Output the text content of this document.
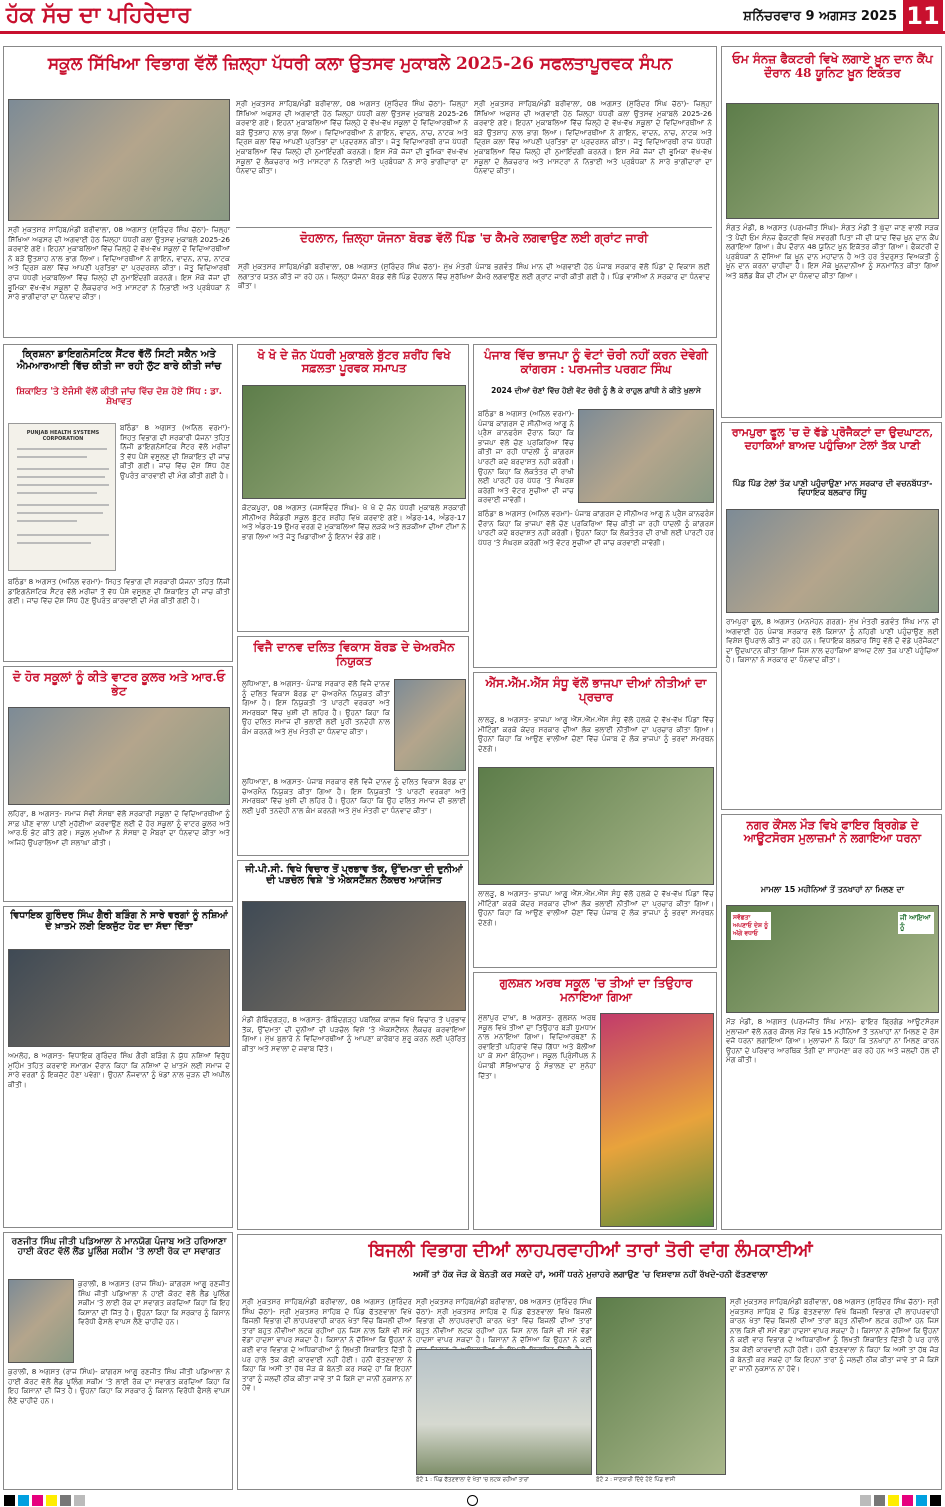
ਹੱਕ ਸੱਚ ਦਾ ਪਹਿਰੇਦਾਰ	ਸ਼ਨਿੱਚਰਵਾਰ 9 ਅਗਸਤ 2025 11
ਸਕੂਲ ਸਿੱਖਿਆ ਵਿਭਾਗ ਵੱਲੋਂ ਜ਼ਿਲ੍ਹਾ ਪੱਧਰੀ ਕਲਾ ਉਤਸਵ ਮੁਕਾਬਲੇ 2025-26 ਸਫਲਤਾਪੂਰਵਕ ਸੰਪਨ
ਸ੍ਰੀ ਮੁਕਤਸਰ ਸਾਹਿਬ/ਮੰਡੀ ਬਰੀਵਾਲਾ, 08 ਅਗਸਤ (ਸੁਰਿੰਦਰ ਸਿੰਘ ਚੱਠਾ)- ਜ਼ਿਲ੍ਹਾ ਸਿੱਖਿਆ ਅਫਸਰ ਦੀ ਅਗਵਾਈ ਹੇਠ ਜ਼ਿਲ੍ਹਾ ਪੱਧਰੀ ਕਲਾ ਉਤਸਵ ਮੁਕਾਬਲੇ 2025-26 ਕਰਵਾਏ ਗਏ। ਇਹਨਾਂ ਮੁਕਾਬਲਿਆਂ ਵਿੱਚ ਜ਼ਿਲ੍ਹੇ ਦੇ ਵੱਖ-ਵੱਖ ਸਕੂਲਾਂ ਦੇ ਵਿਦਿਆਰਥੀਆਂ ਨੇ ਬੜੇ ਉਤਸ਼ਾਹ ਨਾਲ ਭਾਗ ਲਿਆ। ਵਿਦਿਆਰਥੀਆਂ ਨੇ ਗਾਇਨ, ਵਾਦਨ, ਨਾਚ, ਨਾਟਕ ਅਤੇ ਦ੍ਰਿਸ਼ ਕਲਾ ਵਿੱਚ ਆਪਣੀ ਪ੍ਰਤਿਭਾ ਦਾ ਪ੍ਰਦਰਸ਼ਨ ਕੀਤਾ। ਜੇਤੂ ਵਿਦਿਆਰਥੀ ਰਾਜ ਪੱਧਰੀ ਮੁਕਾਬਲਿਆਂ ਵਿੱਚ ਜ਼ਿਲ੍ਹੇ ਦੀ ਨੁਮਾਇੰਦਗੀ ਕਰਨਗੇ। ਇਸ ਮੌਕੇ ਜੱਜਾਂ ਦੀ ਭੂਮਿਕਾ ਵੱਖ-ਵੱਖ ਸਕੂਲਾਂ ਦੇ ਲੈਕਚਰਾਰ ਅਤੇ ਮਾਸਟਰਾਂ ਨੇ ਨਿਭਾਈ ਅਤੇ ਪ੍ਰਬੰਧਕਾਂ ਨੇ ਸਾਰੇ ਭਾਗੀਦਾਰਾਂ ਦਾ ਧੰਨਵਾਦ ਕੀਤਾ।
ਸ੍ਰੀ ਮੁਕਤਸਰ ਸਾਹਿਬ/ਮੰਡੀ ਬਰੀਵਾਲਾ, 08 ਅਗਸਤ (ਸੁਰਿੰਦਰ ਸਿੰਘ ਚੱਠਾ)- ਜ਼ਿਲ੍ਹਾ ਸਿੱਖਿਆ ਅਫਸਰ ਦੀ ਅਗਵਾਈ ਹੇਠ ਜ਼ਿਲ੍ਹਾ ਪੱਧਰੀ ਕਲਾ ਉਤਸਵ ਮੁਕਾਬਲੇ 2025-26 ਕਰਵਾਏ ਗਏ। ਇਹਨਾਂ ਮੁਕਾਬਲਿਆਂ ਵਿੱਚ ਜ਼ਿਲ੍ਹੇ ਦੇ ਵੱਖ-ਵੱਖ ਸਕੂਲਾਂ ਦੇ ਵਿਦਿਆਰਥੀਆਂ ਨੇ ਬੜੇ ਉਤਸ਼ਾਹ ਨਾਲ ਭਾਗ ਲਿਆ। ਵਿਦਿਆਰਥੀਆਂ ਨੇ ਗਾਇਨ, ਵਾਦਨ, ਨਾਚ, ਨਾਟਕ ਅਤੇ ਦ੍ਰਿਸ਼ ਕਲਾ ਵਿੱਚ ਆਪਣੀ ਪ੍ਰਤਿਭਾ ਦਾ ਪ੍ਰਦਰਸ਼ਨ ਕੀਤਾ। ਜੇਤੂ ਵਿਦਿਆਰਥੀ ਰਾਜ ਪੱਧਰੀ ਮੁਕਾਬਲਿਆਂ ਵਿੱਚ ਜ਼ਿਲ੍ਹੇ ਦੀ ਨੁਮਾਇੰਦਗੀ ਕਰਨਗੇ। ਇਸ ਮੌਕੇ ਜੱਜਾਂ ਦੀ ਭੂਮਿਕਾ ਵੱਖ-ਵੱਖ ਸਕੂਲਾਂ ਦੇ ਲੈਕਚਰਾਰ ਅਤੇ ਮਾਸਟਰਾਂ ਨੇ ਨਿਭਾਈ ਅਤੇ ਪ੍ਰਬੰਧਕਾਂ ਨੇ ਸਾਰੇ ਭਾਗੀਦਾਰਾਂ ਦਾ ਧੰਨਵਾਦ ਕੀਤਾ।
ਸ੍ਰੀ ਮੁਕਤਸਰ ਸਾਹਿਬ/ਮੰਡੀ ਬਰੀਵਾਲਾ, 08 ਅਗਸਤ (ਸੁਰਿੰਦਰ ਸਿੰਘ ਚੱਠਾ)- ਜ਼ਿਲ੍ਹਾ ਸਿੱਖਿਆ ਅਫਸਰ ਦੀ ਅਗਵਾਈ ਹੇਠ ਜ਼ਿਲ੍ਹਾ ਪੱਧਰੀ ਕਲਾ ਉਤਸਵ ਮੁਕਾਬਲੇ 2025-26 ਕਰਵਾਏ ਗਏ। ਇਹਨਾਂ ਮੁਕਾਬਲਿਆਂ ਵਿੱਚ ਜ਼ਿਲ੍ਹੇ ਦੇ ਵੱਖ-ਵੱਖ ਸਕੂਲਾਂ ਦੇ ਵਿਦਿਆਰਥੀਆਂ ਨੇ ਬੜੇ ਉਤਸ਼ਾਹ ਨਾਲ ਭਾਗ ਲਿਆ। ਵਿਦਿਆਰਥੀਆਂ ਨੇ ਗਾਇਨ, ਵਾਦਨ, ਨਾਚ, ਨਾਟਕ ਅਤੇ ਦ੍ਰਿਸ਼ ਕਲਾ ਵਿੱਚ ਆਪਣੀ ਪ੍ਰਤਿਭਾ ਦਾ ਪ੍ਰਦਰਸ਼ਨ ਕੀਤਾ। ਜੇਤੂ ਵਿਦਿਆਰਥੀ ਰਾਜ ਪੱਧਰੀ ਮੁਕਾਬਲਿਆਂ ਵਿੱਚ ਜ਼ਿਲ੍ਹੇ ਦੀ ਨੁਮਾਇੰਦਗੀ ਕਰਨਗੇ। ਇਸ ਮੌਕੇ ਜੱਜਾਂ ਦੀ ਭੂਮਿਕਾ ਵੱਖ-ਵੱਖ ਸਕੂਲਾਂ ਦੇ ਲੈਕਚਰਾਰ ਅਤੇ ਮਾਸਟਰਾਂ ਨੇ ਨਿਭਾਈ ਅਤੇ ਪ੍ਰਬੰਧਕਾਂ ਨੇ ਸਾਰੇ ਭਾਗੀਦਾਰਾਂ ਦਾ ਧੰਨਵਾਦ ਕੀਤਾ।
ਦੋਹਲਾਨ, ਜ਼ਿਲ੍ਹਾ ਯੋਜਨਾ ਬੋਰਡ ਵੱਲੋਂ ਪਿੰਡ 'ਚ ਕੈਮਰੇ ਲਗਵਾਉਣ ਲਈ ਗ੍ਰਾਂਟ ਜਾਰੀ
ਸ੍ਰੀ ਮੁਕਤਸਰ ਸਾਹਿਬ/ਮੰਡੀ ਬਰੀਵਾਲਾ, 08 ਅਗਸਤ (ਸੁਰਿੰਦਰ ਸਿੰਘ ਚੱਠਾ)- ਮੁੱਖ ਮੰਤਰੀ ਪੰਜਾਬ ਭਗਵੰਤ ਸਿੰਘ ਮਾਨ ਦੀ ਅਗਵਾਈ ਹੇਠ ਪੰਜਾਬ ਸਰਕਾਰ ਵੱਲੋਂ ਪਿੰਡਾਂ ਦੇ ਵਿਕਾਸ ਲਈ ਲਗਾਤਾਰ ਯਤਨ ਕੀਤੇ ਜਾ ਰਹੇ ਹਨ। ਜ਼ਿਲ੍ਹਾ ਯੋਜਨਾ ਬੋਰਡ ਵੱਲੋਂ ਪਿੰਡ ਦੋਹਲਾਨ ਵਿੱਚ ਸੁਰੱਖਿਆ ਕੈਮਰੇ ਲਗਵਾਉਣ ਲਈ ਗ੍ਰਾਂਟ ਜਾਰੀ ਕੀਤੀ ਗਈ ਹੈ। ਪਿੰਡ ਵਾਸੀਆਂ ਨੇ ਸਰਕਾਰ ਦਾ ਧੰਨਵਾਦ ਕੀਤਾ।
ਓਮ ਸੰਨਜ਼ ਫੈਕਟਰੀ ਵਿਖੇ ਲਗਾਏ ਖ਼ੂਨ ਦਾਨ ਕੈਂਪ ਦੌਰਾਨ 48 ਯੂਨਿਟ ਖ਼ੂਨ ਇਕੱਤਰ
ਸੰਗਤ ਮੰਡੀ, 8 ਅਗਸਤ (ਪਰਮਜੀਤ ਸਿੰਘ)- ਸੰਗਤ ਮੰਡੀ ਤੋਂ ਘੁੱਦਾ ਜਾਣ ਵਾਲੀ ਸੜਕ 'ਤੇ ਪੈਂਦੀ ਓਮ ਸੰਨਜ਼ ਫੈਕਟਰੀ ਵਿਖੇ ਸਵਰਗੀ ਪਿਤਾ ਜੀ ਦੀ ਯਾਦ ਵਿੱਚ ਖ਼ੂਨ ਦਾਨ ਕੈਂਪ ਲਗਾਇਆ ਗਿਆ। ਕੈਂਪ ਦੌਰਾਨ 48 ਯੂਨਿਟ ਖ਼ੂਨ ਇਕੱਤਰ ਕੀਤਾ ਗਿਆ। ਫੈਕਟਰੀ ਦੇ ਪ੍ਰਬੰਧਕਾਂ ਨੇ ਦੱਸਿਆ ਕਿ ਖ਼ੂਨ ਦਾਨ ਮਹਾਂਦਾਨ ਹੈ ਅਤੇ ਹਰ ਤੰਦਰੁਸਤ ਵਿਅਕਤੀ ਨੂੰ ਖ਼ੂਨ ਦਾਨ ਕਰਨਾ ਚਾਹੀਦਾ ਹੈ। ਇਸ ਮੌਕੇ ਖ਼ੂਨਦਾਨੀਆਂ ਨੂੰ ਸਨਮਾਨਿਤ ਕੀਤਾ ਗਿਆ ਅਤੇ ਬਲੱਡ ਬੈਂਕ ਦੀ ਟੀਮ ਦਾ ਧੰਨਵਾਦ ਕੀਤਾ ਗਿਆ।
ਕ੍ਰਿਸ਼ਨਾ ਡਾਇਗਨੋਸਟਿਕ ਸੈਂਟਰ ਵੱਲੋਂ ਸਿਟੀ ਸਕੈਨ ਅਤੇ ਐਮਆਰਆਈ ਵਿੱਚ ਕੀਤੀ ਜਾ ਰਹੀ ਲੁੱਟ ਬਾਰੇ ਕੀਤੀ ਜਾਂਚ
ਸ਼ਿਕਾਇਤ 'ਤੇ ਏਜੰਸੀ ਵੱਲੋਂ ਕੀਤੀ ਜਾਂਚ ਵਿੱਚ ਦੋਸ਼ ਹੋਏ ਸਿੱਧ : ਡਾ. ਸ਼ੇਖਾਵਤ
PUNJAB HEALTH SYSTEMS CORPORATION
ਬਠਿੰਡਾ 8 ਅਗਸਤ (ਅਨਿਲ ਵਰਮਾ)- ਸਿਹਤ ਵਿਭਾਗ ਦੀ ਸਰਕਾਰੀ ਯੋਜਨਾ ਤਹਿਤ ਨਿੱਜੀ ਡਾਇਗਨੋਸਟਿਕ ਸੈਂਟਰ ਵੱਲੋਂ ਮਰੀਜ਼ਾਂ ਤੋਂ ਵੱਧ ਪੈਸੇ ਵਸੂਲਣ ਦੀ ਸ਼ਿਕਾਇਤ ਦੀ ਜਾਂਚ ਕੀਤੀ ਗਈ। ਜਾਂਚ ਵਿੱਚ ਦੋਸ਼ ਸਿੱਧ ਹੋਣ ਉਪਰੰਤ ਕਾਰਵਾਈ ਦੀ ਮੰਗ ਕੀਤੀ ਗਈ ਹੈ।
ਬਠਿੰਡਾ 8 ਅਗਸਤ (ਅਨਿਲ ਵਰਮਾ)- ਸਿਹਤ ਵਿਭਾਗ ਦੀ ਸਰਕਾਰੀ ਯੋਜਨਾ ਤਹਿਤ ਨਿੱਜੀ ਡਾਇਗਨੋਸਟਿਕ ਸੈਂਟਰ ਵੱਲੋਂ ਮਰੀਜ਼ਾਂ ਤੋਂ ਵੱਧ ਪੈਸੇ ਵਸੂਲਣ ਦੀ ਸ਼ਿਕਾਇਤ ਦੀ ਜਾਂਚ ਕੀਤੀ ਗਈ। ਜਾਂਚ ਵਿੱਚ ਦੋਸ਼ ਸਿੱਧ ਹੋਣ ਉਪਰੰਤ ਕਾਰਵਾਈ ਦੀ ਮੰਗ ਕੀਤੀ ਗਈ ਹੈ।
ਦੋ ਹੋਰ ਸਕੂਲਾਂ ਨੂੰ ਕੀਤੇ ਵਾਟਰ ਕੂਲਰ ਅਤੇ ਆਰ.ਓ ਭੇਟ
ਲਹਿਰਾ, 8 ਅਗਸਤ- ਸਮਾਜ ਸੇਵੀ ਸੰਸਥਾ ਵੱਲੋਂ ਸਰਕਾਰੀ ਸਕੂਲਾਂ ਦੇ ਵਿਦਿਆਰਥੀਆਂ ਨੂੰ ਸਾਫ਼ ਪੀਣ ਵਾਲਾ ਪਾਣੀ ਮੁਹੱਈਆ ਕਰਵਾਉਣ ਲਈ ਦੋ ਹੋਰ ਸਕੂਲਾਂ ਨੂੰ ਵਾਟਰ ਕੂਲਰ ਅਤੇ ਆਰ.ਓ ਭੇਟ ਕੀਤੇ ਗਏ। ਸਕੂਲ ਮੁਖੀਆਂ ਨੇ ਸੰਸਥਾ ਦੇ ਮੈਂਬਰਾਂ ਦਾ ਧੰਨਵਾਦ ਕੀਤਾ ਅਤੇ ਅਜਿਹੇ ਉਪਰਾਲਿਆਂ ਦੀ ਸ਼ਲਾਘਾ ਕੀਤੀ।
ਵਿਧਾਇਕ ਗੁਰਿੰਦਰ ਸਿੰਘ ਗੈਰੀ ਬੜਿੰਗ ਨੇ ਸਾਰੇ ਵਰਗਾਂ ਨੂੰ ਨਸ਼ਿਆਂ ਦੇ ਖ਼ਾਤਮੇ ਲਈ ਇਕਜੁੱਟ ਹੋਣ ਦਾ ਸੱਦਾ ਦਿੱਤਾ
ਅਮਲੋਹ, 8 ਅਗਸਤ- ਵਿਧਾਇਕ ਗੁਰਿੰਦਰ ਸਿੰਘ ਗੈਰੀ ਬੜਿੰਗ ਨੇ ਯੁੱਧ ਨਸ਼ਿਆਂ ਵਿਰੁੱਧ ਮੁਹਿੰਮ ਤਹਿਤ ਕਰਵਾਏ ਸਮਾਗਮ ਦੌਰਾਨ ਕਿਹਾ ਕਿ ਨਸ਼ਿਆਂ ਦੇ ਖ਼ਾਤਮੇ ਲਈ ਸਮਾਜ ਦੇ ਸਾਰੇ ਵਰਗਾਂ ਨੂੰ ਇਕਜੁੱਟ ਹੋਣਾ ਪਵੇਗਾ। ਉਹਨਾਂ ਨੌਜਵਾਨਾਂ ਨੂੰ ਖੇਡਾਂ ਨਾਲ ਜੁੜਨ ਦੀ ਅਪੀਲ ਕੀਤੀ।
ਰਣਜੀਤ ਸਿੰਘ ਜੀਤੀ ਪਡਿਆਲਾ ਨੇ ਮਾਨਯੋਗ ਪੰਜਾਬ ਅਤੇ ਹਰਿਆਣਾ ਹਾਈ ਕੋਰਟ ਵੱਲੋਂ ਲੈਂਡ ਪੂਲਿੰਗ ਸਕੀਮ 'ਤੇ ਲਾਈ ਰੋਕ ਦਾ ਸਵਾਗਤ
ਕੁਰਾਲੀ, 8 ਅਗਸਤ (ਰਾਜ ਸਿੰਘ)- ਕਾਂਗਰਸ ਆਗੂ ਰਣਜੀਤ ਸਿੰਘ ਜੀਤੀ ਪਡਿਆਲਾ ਨੇ ਹਾਈ ਕੋਰਟ ਵੱਲੋਂ ਲੈਂਡ ਪੂਲਿੰਗ ਸਕੀਮ 'ਤੇ ਲਾਈ ਰੋਕ ਦਾ ਸਵਾਗਤ ਕਰਦਿਆਂ ਕਿਹਾ ਕਿ ਇਹ ਕਿਸਾਨਾਂ ਦੀ ਜਿੱਤ ਹੈ। ਉਹਨਾਂ ਕਿਹਾ ਕਿ ਸਰਕਾਰ ਨੂੰ ਕਿਸਾਨ ਵਿਰੋਧੀ ਫੈਸਲੇ ਵਾਪਸ ਲੈਣੇ ਚਾਹੀਦੇ ਹਨ।
ਕੁਰਾਲੀ, 8 ਅਗਸਤ (ਰਾਜ ਸਿੰਘ)- ਕਾਂਗਰਸ ਆਗੂ ਰਣਜੀਤ ਸਿੰਘ ਜੀਤੀ ਪਡਿਆਲਾ ਨੇ ਹਾਈ ਕੋਰਟ ਵੱਲੋਂ ਲੈਂਡ ਪੂਲਿੰਗ ਸਕੀਮ 'ਤੇ ਲਾਈ ਰੋਕ ਦਾ ਸਵਾਗਤ ਕਰਦਿਆਂ ਕਿਹਾ ਕਿ ਇਹ ਕਿਸਾਨਾਂ ਦੀ ਜਿੱਤ ਹੈ। ਉਹਨਾਂ ਕਿਹਾ ਕਿ ਸਰਕਾਰ ਨੂੰ ਕਿਸਾਨ ਵਿਰੋਧੀ ਫੈਸਲੇ ਵਾਪਸ ਲੈਣੇ ਚਾਹੀਦੇ ਹਨ।
ਖੋ ਖੋ ਦੇ ਜ਼ੋਨ ਪੱਧਰੀ ਮੁਕਾਬਲੇ ਬੁੱਟਰ ਸ਼ਰੀਂਹ ਵਿਖੇ ਸਫ਼ਲਤਾ ਪੂਰਵਕ ਸਮਾਪਤ
ਕੋਟਕਪੂਰਾ, 08 ਅਗਸਤ (ਜਸਵਿੰਦਰ ਸਿੰਘ)- ਖੋ ਖੋ ਦੇ ਜ਼ੋਨ ਪੱਧਰੀ ਮੁਕਾਬਲੇ ਸਰਕਾਰੀ ਸੀਨੀਅਰ ਸੈਕੰਡਰੀ ਸਕੂਲ ਬੁੱਟਰ ਸ਼ਰੀਂਹ ਵਿਖੇ ਕਰਵਾਏ ਗਏ। ਅੰਡਰ-14, ਅੰਡਰ-17 ਅਤੇ ਅੰਡਰ-19 ਉਮਰ ਵਰਗ ਦੇ ਮੁਕਾਬਲਿਆਂ ਵਿੱਚ ਲੜਕੇ ਅਤੇ ਲੜਕੀਆਂ ਦੀਆਂ ਟੀਮਾਂ ਨੇ ਭਾਗ ਲਿਆ ਅਤੇ ਜੇਤੂ ਖਿਡਾਰੀਆਂ ਨੂੰ ਇਨਾਮ ਵੰਡੇ ਗਏ।
ਵਿਜੈ ਦਾਨਵ ਦਲਿਤ ਵਿਕਾਸ ਬੋਰਡ ਦੇ ਚੇਅਰਮੈਨ ਨਿਯੁਕਤ
ਲੁਧਿਆਣਾ, 8 ਅਗਸਤ- ਪੰਜਾਬ ਸਰਕਾਰ ਵੱਲੋਂ ਵਿਜੈ ਦਾਨਵ ਨੂੰ ਦਲਿਤ ਵਿਕਾਸ ਬੋਰਡ ਦਾ ਚੇਅਰਮੈਨ ਨਿਯੁਕਤ ਕੀਤਾ ਗਿਆ ਹੈ। ਇਸ ਨਿਯੁਕਤੀ 'ਤੇ ਪਾਰਟੀ ਵਰਕਰਾਂ ਅਤੇ ਸਮਰਥਕਾਂ ਵਿੱਚ ਖੁਸ਼ੀ ਦੀ ਲਹਿਰ ਹੈ। ਉਹਨਾਂ ਕਿਹਾ ਕਿ ਉਹ ਦਲਿਤ ਸਮਾਜ ਦੀ ਭਲਾਈ ਲਈ ਪੂਰੀ ਤਨਦੇਹੀ ਨਾਲ ਕੰਮ ਕਰਨਗੇ ਅਤੇ ਮੁੱਖ ਮੰਤਰੀ ਦਾ ਧੰਨਵਾਦ ਕੀਤਾ।
ਲੁਧਿਆਣਾ, 8 ਅਗਸਤ- ਪੰਜਾਬ ਸਰਕਾਰ ਵੱਲੋਂ ਵਿਜੈ ਦਾਨਵ ਨੂੰ ਦਲਿਤ ਵਿਕਾਸ ਬੋਰਡ ਦਾ ਚੇਅਰਮੈਨ ਨਿਯੁਕਤ ਕੀਤਾ ਗਿਆ ਹੈ। ਇਸ ਨਿਯੁਕਤੀ 'ਤੇ ਪਾਰਟੀ ਵਰਕਰਾਂ ਅਤੇ ਸਮਰਥਕਾਂ ਵਿੱਚ ਖੁਸ਼ੀ ਦੀ ਲਹਿਰ ਹੈ। ਉਹਨਾਂ ਕਿਹਾ ਕਿ ਉਹ ਦਲਿਤ ਸਮਾਜ ਦੀ ਭਲਾਈ ਲਈ ਪੂਰੀ ਤਨਦੇਹੀ ਨਾਲ ਕੰਮ ਕਰਨਗੇ ਅਤੇ ਮੁੱਖ ਮੰਤਰੀ ਦਾ ਧੰਨਵਾਦ ਕੀਤਾ।
ਜੀ.ਪੀ.ਸੀ. ਵਿਖੇ ਵਿਚਾਰ ਤੋਂ ਪ੍ਰਭਾਵ ਤੱਕ, ਉੱਦਮਤਾ ਦੀ ਦੁਨੀਆਂ ਦੀ ਪੜਚੋਲ ਵਿਸ਼ੇ 'ਤੇ ਐਕਸਟੈਂਸ਼ਨ ਲੈਕਚਰ ਆਯੋਜਿਤ
ਮੰਡੀ ਗੋਬਿੰਦਗੜ੍ਹ, 8 ਅਗਸਤ- ਗੋਬਿੰਦਗੜ੍ਹ ਪਬਲਿਕ ਕਾਲਜ ਵਿਖੇ ਵਿਚਾਰ ਤੋਂ ਪ੍ਰਭਾਵ ਤੱਕ, ਉੱਦਮਤਾ ਦੀ ਦੁਨੀਆਂ ਦੀ ਪੜਚੋਲ ਵਿਸ਼ੇ 'ਤੇ ਐਕਸਟੈਂਸ਼ਨ ਲੈਕਚਰ ਕਰਵਾਇਆ ਗਿਆ। ਮੁੱਖ ਬੁਲਾਰੇ ਨੇ ਵਿਦਿਆਰਥੀਆਂ ਨੂੰ ਆਪਣਾ ਕਾਰੋਬਾਰ ਸ਼ੁਰੂ ਕਰਨ ਲਈ ਪ੍ਰੇਰਿਤ ਕੀਤਾ ਅਤੇ ਸਵਾਲਾਂ ਦੇ ਜਵਾਬ ਦਿੱਤੇ।
ਪੰਜਾਬ ਵਿੱਚ ਭਾਜਪਾ ਨੂੰ ਵੋਟਾਂ ਚੋਰੀ ਨਹੀਂ ਕਰਨ ਦੇਵੇਗੀ ਕਾਂਗਰਸ : ਪਰਮਜੀਤ ਪਰਗਟ ਸਿੰਘ
2024 ਦੀਆਂ ਚੋਣਾਂ ਵਿੱਚ ਹੋਈ ਵੋਟ ਚੋਰੀ ਨੂੰ ਲੈ ਕੇ ਰਾਹੁਲ ਗਾਂਧੀ ਨੇ ਕੀਤੇ ਖੁਲਾਸੇ
ਬਠਿੰਡਾ 8 ਅਗਸਤ (ਅਨਿਲ ਵਰਮਾ)- ਪੰਜਾਬ ਕਾਂਗਰਸ ਦੇ ਸੀਨੀਅਰ ਆਗੂ ਨੇ ਪ੍ਰੈਸ ਕਾਨਫਰੰਸ ਦੌਰਾਨ ਕਿਹਾ ਕਿ ਭਾਜਪਾ ਵੱਲੋਂ ਚੋਣ ਪ੍ਰਕਿਰਿਆ ਵਿੱਚ ਕੀਤੀ ਜਾ ਰਹੀ ਧਾਂਦਲੀ ਨੂੰ ਕਾਂਗਰਸ ਪਾਰਟੀ ਕਦੇ ਬਰਦਾਸ਼ਤ ਨਹੀਂ ਕਰੇਗੀ। ਉਹਨਾਂ ਕਿਹਾ ਕਿ ਲੋਕਤੰਤਰ ਦੀ ਰਾਖੀ ਲਈ ਪਾਰਟੀ ਹਰ ਪੱਧਰ 'ਤੇ ਸੰਘਰਸ਼ ਕਰੇਗੀ ਅਤੇ ਵੋਟਰ ਸੂਚੀਆਂ ਦੀ ਜਾਂਚ ਕਰਵਾਈ ਜਾਵੇਗੀ।
ਬਠਿੰਡਾ 8 ਅਗਸਤ (ਅਨਿਲ ਵਰਮਾ)- ਪੰਜਾਬ ਕਾਂਗਰਸ ਦੇ ਸੀਨੀਅਰ ਆਗੂ ਨੇ ਪ੍ਰੈਸ ਕਾਨਫਰੰਸ ਦੌਰਾਨ ਕਿਹਾ ਕਿ ਭਾਜਪਾ ਵੱਲੋਂ ਚੋਣ ਪ੍ਰਕਿਰਿਆ ਵਿੱਚ ਕੀਤੀ ਜਾ ਰਹੀ ਧਾਂਦਲੀ ਨੂੰ ਕਾਂਗਰਸ ਪਾਰਟੀ ਕਦੇ ਬਰਦਾਸ਼ਤ ਨਹੀਂ ਕਰੇਗੀ। ਉਹਨਾਂ ਕਿਹਾ ਕਿ ਲੋਕਤੰਤਰ ਦੀ ਰਾਖੀ ਲਈ ਪਾਰਟੀ ਹਰ ਪੱਧਰ 'ਤੇ ਸੰਘਰਸ਼ ਕਰੇਗੀ ਅਤੇ ਵੋਟਰ ਸੂਚੀਆਂ ਦੀ ਜਾਂਚ ਕਰਵਾਈ ਜਾਵੇਗੀ।
ਐੱਸ.ਐੱਮ.ਐੱਸ ਸੰਧੂ ਵੱਲੋਂ ਭਾਜਪਾ ਦੀਆਂ ਨੀਤੀਆਂ ਦਾ ਪ੍ਰਚਾਰ
ਲਾਲੜੂ, 8 ਅਗਸਤ- ਭਾਜਪਾ ਆਗੂ ਐੱਸ.ਐੱਮ.ਐੱਸ ਸੰਧੂ ਵੱਲੋਂ ਹਲਕੇ ਦੇ ਵੱਖ-ਵੱਖ ਪਿੰਡਾਂ ਵਿੱਚ ਮੀਟਿੰਗਾਂ ਕਰਕੇ ਕੇਂਦਰ ਸਰਕਾਰ ਦੀਆਂ ਲੋਕ ਭਲਾਈ ਨੀਤੀਆਂ ਦਾ ਪ੍ਰਚਾਰ ਕੀਤਾ ਗਿਆ। ਉਹਨਾਂ ਕਿਹਾ ਕਿ ਆਉਣ ਵਾਲੀਆਂ ਚੋਣਾਂ ਵਿੱਚ ਪੰਜਾਬ ਦੇ ਲੋਕ ਭਾਜਪਾ ਨੂੰ ਭਰਵਾਂ ਸਮਰਥਨ ਦੇਣਗੇ।
ਲਾਲੜੂ, 8 ਅਗਸਤ- ਭਾਜਪਾ ਆਗੂ ਐੱਸ.ਐੱਮ.ਐੱਸ ਸੰਧੂ ਵੱਲੋਂ ਹਲਕੇ ਦੇ ਵੱਖ-ਵੱਖ ਪਿੰਡਾਂ ਵਿੱਚ ਮੀਟਿੰਗਾਂ ਕਰਕੇ ਕੇਂਦਰ ਸਰਕਾਰ ਦੀਆਂ ਲੋਕ ਭਲਾਈ ਨੀਤੀਆਂ ਦਾ ਪ੍ਰਚਾਰ ਕੀਤਾ ਗਿਆ। ਉਹਨਾਂ ਕਿਹਾ ਕਿ ਆਉਣ ਵਾਲੀਆਂ ਚੋਣਾਂ ਵਿੱਚ ਪੰਜਾਬ ਦੇ ਲੋਕ ਭਾਜਪਾ ਨੂੰ ਭਰਵਾਂ ਸਮਰਥਨ ਦੇਣਗੇ।
ਗੁਲਸ਼ਨ ਅਰਥ ਸਕੂਲ 'ਚ ਤੀਆਂ ਦਾ ਤਿਉਹਾਰ ਮਨਾਇਆ ਗਿਆ
ਮੁੱਲਾਂਪੁਰ ਦਾਖਾ, 8 ਅਗਸਤ- ਗੁਲਸ਼ਨ ਅਰਥ ਸਕੂਲ ਵਿਖੇ ਤੀਆਂ ਦਾ ਤਿਉਹਾਰ ਬੜੀ ਧੂਮਧਾਮ ਨਾਲ ਮਨਾਇਆ ਗਿਆ। ਵਿਦਿਆਰਥਣਾਂ ਨੇ ਰਵਾਇਤੀ ਪਹਿਰਾਵੇ ਵਿੱਚ ਗਿੱਧਾ ਅਤੇ ਬੋਲੀਆਂ ਪਾ ਕੇ ਸਮਾਂ ਬੰਨ੍ਹਿਆ। ਸਕੂਲ ਪ੍ਰਿੰਸੀਪਲ ਨੇ ਪੰਜਾਬੀ ਸੱਭਿਆਚਾਰ ਨੂੰ ਸੰਭਾਲਣ ਦਾ ਸੁਨੇਹਾ ਦਿੱਤਾ।
ਰਾਮਪੁਰਾ ਫੂਲ 'ਚ ਦੋ ਵੱਡੇ ਪ੍ਰੋਜੈਕਟਾਂ ਦਾ ਉਦਘਾਟਨ, ਦਹਾਕਿਆਂ ਬਾਅਦ ਪਹੁੰਚਿਆ ਟੇਲਾਂ ਤੱਕ ਪਾਣੀ
ਪਿੰਡ ਪਿੰਡ ਟੇਲਾਂ ਤੱਕ ਪਾਣੀ ਪਹੁੰਚਾਉਣਾ ਮਾਨ ਸਰਕਾਰ ਦੀ ਵਚਨਬੱਧਤਾ- ਵਿਧਾਇਕ ਬਲਕਾਰ ਸਿੱਧੂ
ਰਾਮਪੁਰਾ ਫੂਲ, 8 ਅਗਸਤ (ਮਨਮੋਹਨ ਗਰਗ)- ਮੁੱਖ ਮੰਤਰੀ ਭਗਵੰਤ ਸਿੰਘ ਮਾਨ ਦੀ ਅਗਵਾਈ ਹੇਠ ਪੰਜਾਬ ਸਰਕਾਰ ਵੱਲੋਂ ਕਿਸਾਨਾਂ ਨੂੰ ਨਹਿਰੀ ਪਾਣੀ ਪਹੁੰਚਾਉਣ ਲਈ ਵਿਸ਼ੇਸ਼ ਉਪਰਾਲੇ ਕੀਤੇ ਜਾ ਰਹੇ ਹਨ। ਵਿਧਾਇਕ ਬਲਕਾਰ ਸਿੱਧੂ ਵੱਲੋਂ ਦੋ ਵੱਡੇ ਪ੍ਰੋਜੈਕਟਾਂ ਦਾ ਉਦਘਾਟਨ ਕੀਤਾ ਗਿਆ ਜਿਸ ਨਾਲ ਦਹਾਕਿਆਂ ਬਾਅਦ ਟੇਲਾਂ ਤੱਕ ਪਾਣੀ ਪਹੁੰਚਿਆ ਹੈ। ਕਿਸਾਨਾਂ ਨੇ ਸਰਕਾਰ ਦਾ ਧੰਨਵਾਦ ਕੀਤਾ।
ਨਗਰ ਕੌਂਸਲ ਮੌੜ ਵਿਖੇ ਫਾਇਰ ਬ੍ਰਿਗੇਡ ਦੇ ਆਊਟਸੋਰਸ ਮੁਲਾਜ਼ਮਾਂ ਨੇ ਲਗਾਇਆ ਧਰਨਾ
ਮਾਮਲਾ 15 ਮਹੀਨਿਆਂ ਤੋਂ ਤਨਖਾਹਾਂ ਨਾ ਮਿਲਣ ਦਾ
ਸਵੱਛਤਾ ਅਪਣਾਓ ਦੇਸ਼ ਨੂੰ ਅੱਗੇ ਵਧਾਓ
ਜੀ ਆਇਆਂ ਨੂੰ
ਮੌੜ ਮੰਡੀ, 8 ਅਗਸਤ (ਪਰਮਜੀਤ ਸਿੰਘ ਮਾਨ)- ਫਾਇਰ ਬ੍ਰਿਗੇਡ ਆਊਟਸੋਰਸ ਮੁਲਾਜ਼ਮਾਂ ਵੱਲੋਂ ਨਗਰ ਕੌਂਸਲ ਮੌੜ ਵਿਖੇ 15 ਮਹੀਨਿਆਂ ਤੋਂ ਤਨਖਾਹਾਂ ਨਾ ਮਿਲਣ ਦੇ ਰੋਸ ਵਜੋਂ ਧਰਨਾ ਲਗਾਇਆ ਗਿਆ। ਮੁਲਾਜ਼ਮਾਂ ਨੇ ਕਿਹਾ ਕਿ ਤਨਖਾਹਾਂ ਨਾ ਮਿਲਣ ਕਾਰਨ ਉਹਨਾਂ ਦੇ ਪਰਿਵਾਰ ਆਰਥਿਕ ਤੰਗੀ ਦਾ ਸਾਹਮਣਾ ਕਰ ਰਹੇ ਹਨ ਅਤੇ ਜਲਦੀ ਹੱਲ ਦੀ ਮੰਗ ਕੀਤੀ।
ਬਿਜਲੀ ਵਿਭਾਗ ਦੀਆਂ ਲਾਹਪਰਵਾਹੀਆਂ ਤਾਰਾਂ ਤੋਰੀ ਵਾਂਗ ਲੰਮਕਾਈਆਂ
ਅਸੀਂ ਤਾਂ ਹੱਕ ਜੋੜ ਕੇ ਬੇਨਤੀ ਕਰ ਸਕਦੇ ਹਾਂ, ਅਸੀਂ ਧਰਨੇ ਮੁਜ਼ਾਹਰੇ ਲਗਾਉਣ 'ਚ ਵਿਸ਼ਵਾਸ਼ ਨਹੀਂ ਰੱਖਦੇ-ਹਨੀ ਫੱਤਣਵਾਲਾ
ਸ੍ਰੀ ਮੁਕਤਸਰ ਸਾਹਿਬ/ਮੰਡੀ ਬਰੀਵਾਲਾ, 08 ਅਗਸਤ (ਸੁਰਿੰਦਰ ਸਿੰਘ ਚੱਠਾ)- ਸ੍ਰੀ ਮੁਕਤਸਰ ਸਾਹਿਬ ਦੇ ਪਿੰਡ ਫੱਤਣਵਾਲਾ ਵਿਖੇ ਬਿਜਲੀ ਵਿਭਾਗ ਦੀ ਲਾਹਪਰਵਾਹੀ ਕਾਰਨ ਖੇਤਾਂ ਵਿੱਚ ਬਿਜਲੀ ਦੀਆਂ ਤਾਰਾਂ ਬਹੁਤ ਨੀਵੀਆਂ ਲਟਕ ਰਹੀਆਂ ਹਨ ਜਿਸ ਨਾਲ ਕਿਸੇ ਵੀ ਸਮੇਂ ਵੱਡਾ ਹਾਦਸਾ ਵਾਪਰ ਸਕਦਾ ਹੈ। ਕਿਸਾਨਾਂ ਨੇ ਦੱਸਿਆ ਕਿ ਉਹਨਾਂ ਨੇ ਕਈ ਵਾਰ ਵਿਭਾਗ ਦੇ ਅਧਿਕਾਰੀਆਂ ਨੂੰ ਲਿਖਤੀ ਸ਼ਿਕਾਇਤ ਦਿੱਤੀ ਹੈ ਪਰ ਹਾਲੇ ਤੱਕ ਕੋਈ ਕਾਰਵਾਈ ਨਹੀਂ ਹੋਈ। ਹਨੀ ਫੱਤਣਵਾਲਾ ਨੇ ਕਿਹਾ ਕਿ ਅਸੀਂ ਤਾਂ ਹੱਥ ਜੋੜ ਕੇ ਬੇਨਤੀ ਕਰ ਸਕਦੇ ਹਾਂ ਕਿ ਇਹਨਾਂ ਤਾਰਾਂ ਨੂੰ ਜਲਦੀ ਠੀਕ ਕੀਤਾ ਜਾਵੇ ਤਾਂ ਜੋ ਕਿਸੇ ਦਾ ਜਾਨੀ ਨੁਕਸਾਨ ਨਾ ਹੋਵੇ।
ਸ੍ਰੀ ਮੁਕਤਸਰ ਸਾਹਿਬ/ਮੰਡੀ ਬਰੀਵਾਲਾ, 08 ਅਗਸਤ (ਸੁਰਿੰਦਰ ਸਿੰਘ ਚੱਠਾ)- ਸ੍ਰੀ ਮੁਕਤਸਰ ਸਾਹਿਬ ਦੇ ਪਿੰਡ ਫੱਤਣਵਾਲਾ ਵਿਖੇ ਬਿਜਲੀ ਵਿਭਾਗ ਦੀ ਲਾਹਪਰਵਾਹੀ ਕਾਰਨ ਖੇਤਾਂ ਵਿੱਚ ਬਿਜਲੀ ਦੀਆਂ ਤਾਰਾਂ ਬਹੁਤ ਨੀਵੀਆਂ ਲਟਕ ਰਹੀਆਂ ਹਨ ਜਿਸ ਨਾਲ ਕਿਸੇ ਵੀ ਸਮੇਂ ਵੱਡਾ ਹਾਦਸਾ ਵਾਪਰ ਸਕਦਾ ਹੈ। ਕਿਸਾਨਾਂ ਨੇ ਦੱਸਿਆ ਕਿ ਉਹਨਾਂ ਨੇ ਕਈ
ਫ਼ੋਟੋ 1 : ਪਿੰਡ ਫੱਤਣਵਾਲਾ ਦੇ ਖੇਤਾਂ 'ਚ ਲਟਕ ਰਹੀਆਂ ਤਾਰਾਂ	ਫ਼ੋਟੋ 2 : ਜਾਣਕਾਰੀ ਦਿੰਦੇ ਹੋਏ ਪਿੰਡ ਵਾਸੀ
ਸ੍ਰੀ ਮੁਕਤਸਰ ਸਾਹਿਬ/ਮੰਡੀ ਬਰੀਵਾਲਾ, 08 ਅਗਸਤ (ਸੁਰਿੰਦਰ ਸਿੰਘ ਚੱਠਾ)- ਸ੍ਰੀ ਮੁਕਤਸਰ ਸਾਹਿਬ ਦੇ ਪਿੰਡ ਫੱਤਣਵਾਲਾ ਵਿਖੇ ਬਿਜਲੀ ਵਿਭਾਗ ਦੀ ਲਾਹਪਰਵਾਹੀ ਕਾਰਨ ਖੇਤਾਂ ਵਿੱਚ ਬਿਜਲੀ ਦੀਆਂ ਤਾਰਾਂ ਬਹੁਤ ਨੀਵੀਆਂ ਲਟਕ ਰਹੀਆਂ ਹਨ ਜਿਸ ਨਾਲ ਕਿਸੇ ਵੀ ਸਮੇਂ ਵੱਡਾ ਹਾਦਸਾ ਵਾਪਰ ਸਕਦਾ ਹੈ। ਕਿਸਾਨਾਂ ਨੇ ਦੱਸਿਆ ਕਿ ਉਹਨਾਂ ਨੇ ਕਈ ਵਾਰ ਵਿਭਾਗ ਦੇ ਅਧਿਕਾਰੀਆਂ ਨੂੰ ਲਿਖਤੀ ਸ਼ਿਕਾਇਤ ਦਿੱਤੀ ਹੈ ਪਰ ਹਾਲੇ ਤੱਕ ਕੋਈ ਕਾਰਵਾਈ ਨਹੀਂ ਹੋਈ। ਹਨੀ ਫੱਤਣਵਾਲਾ ਨੇ ਕਿਹਾ ਕਿ ਅਸੀਂ ਤਾਂ ਹੱਥ ਜੋੜ ਕੇ ਬੇਨਤੀ ਕਰ ਸਕਦੇ ਹਾਂ ਕਿ ਇਹਨਾਂ ਤਾਰਾਂ ਨੂੰ ਜਲਦੀ ਠੀਕ ਕੀਤਾ ਜਾਵੇ ਤਾਂ ਜੋ ਕਿਸੇ ਦਾ ਜਾਨੀ ਨੁਕਸਾਨ ਨਾ ਹੋਵੇ।
